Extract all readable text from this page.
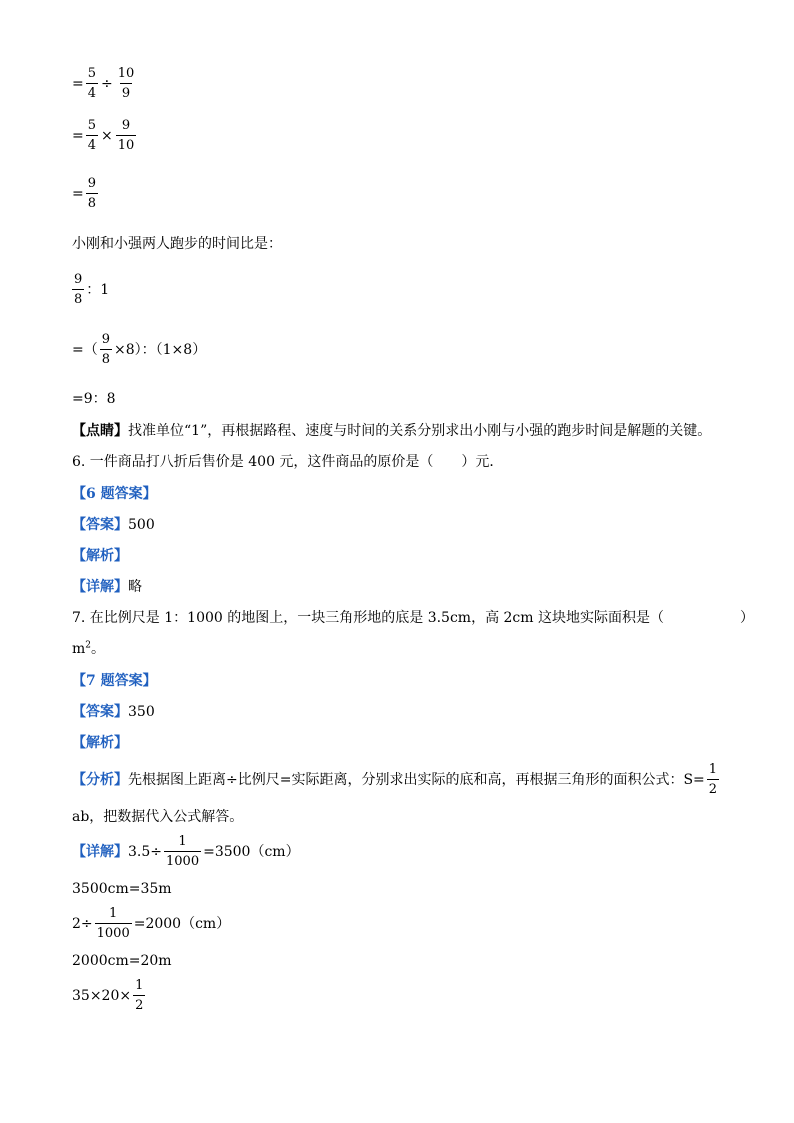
= $\frac{5}{4} \div \frac{10}{9}$
= $\frac{5}{4} \times \frac{9}{10}$
= $\frac{9}{8}$
小刚和小强两人跑步的时间比是：
$\frac{9}{8}$ ：1
=（ $\frac{9}{8} \times 8$）：（1×8）
=9：8
【点睛】找准单位“1”，再根据路程、速度与时间的关系分别求出小刚与小强的跑步时间是解题的关键。
6. 一件商品打八折后售价是 400 元，这件商品的原价是（　　）元．
【6 题答案】
【答案】500
【解析】
【详解】略
7. 在比例尺是 1：1000 的地图上，一块三角形地的底是 3.5cm，高 2cm 这块地实际面积是（	）
$m^2$。
【7 题答案】
【答案】350
【解析】
【分析】 先根据图上距离÷比例尺=实际距离，分别求出实际的底和高，再根据三角形的面积公式：$S= \frac{1}{2}$
ab，把数据代入公式解答。
【详解】 $3.5\div \frac{1}{1000} =3500(cm)$
3500cm=35m
$2\div \frac{1}{1000} =2000(cm)$
2000cm=20m
$35\times 20\times \frac{1}{2}$
